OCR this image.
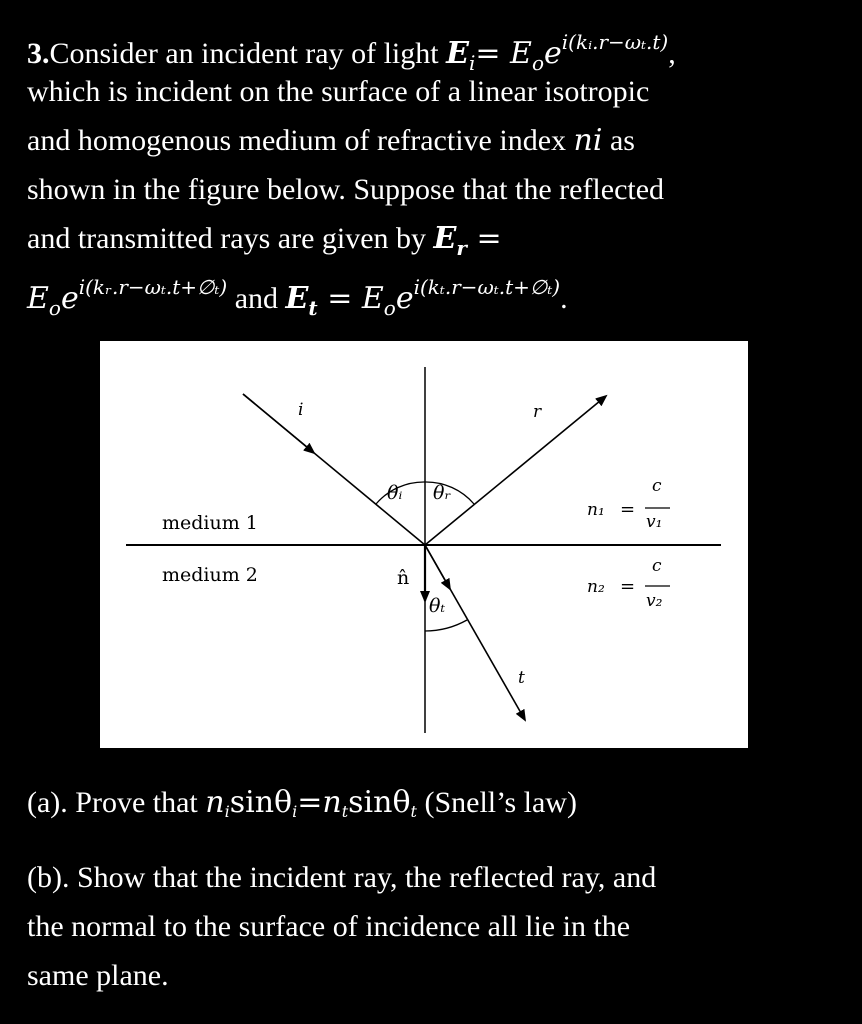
3.Consider an incident ray of light $E_i= E_oe^{i(kᵢ.r-\omega_t.t)}$,
which is incident on the surface of a linear isotropic
and homogenous medium of refractive index ni as
shown in the figure below. Suppose that the reflected
and transmitted rays are given by $E_r$ =
$E_oe^{i(kᵣ.r-\omega_t.t+\emptyset_t)}$ and $E_t = E_oe^{i(k_t.r-\omega_t.t+\emptyset_t)}$.
i	r
t
θᵢ θᵣ
θₜ
medium 1
medium 2	n̂
n₁ =
c
v₁
n₂ =
c
v₂
(a). Prove that nisinθi=ntsinθt (Snell’s law)
(b). Show that the incident ray, the reflected ray, and
the normal to the surface of incidence all lie in the
same plane.
